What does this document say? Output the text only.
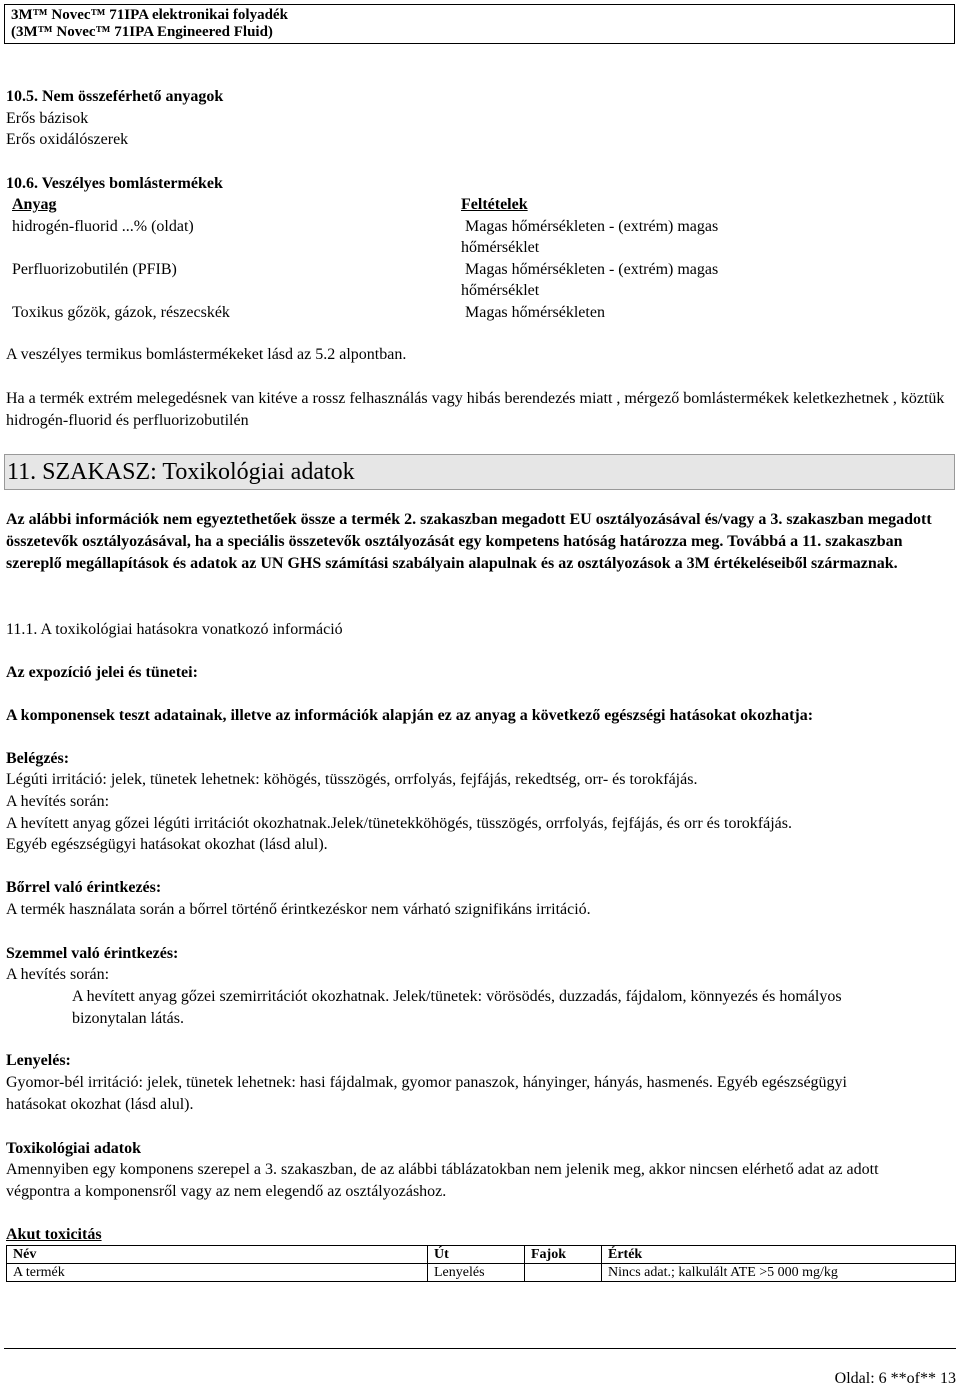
3M™ Novec™ 71IPA elektronikai folyadék
(3M™ Novec™ 71IPA Engineered Fluid)
10.5. Nem összeférhető anyagok
Erős bázisok
Erős oxidálószerek
10.6. Veszélyes bomlástermékek
Anyag	Feltételek
hidrogén-fluorid ...% (oldat)	Magas hőmérsékleten - (extrém) magas
hőmérséklet
Perfluorizobutilén (PFIB)	Magas hőmérsékleten - (extrém) magas
hőmérséklet
Toxikus gőzök, gázok, részecskék	Magas hőmérsékleten
A veszélyes termikus bomlástermékeket lásd az 5.2 alpontban.
Ha a termék extrém melegedésnek van kitéve a rossz felhasználás vagy hibás berendezés miatt , mérgező bomlástermékek keletkezhetnek , köztük hidrogén-fluorid és perfluorizobutilén
11. SZAKASZ: Toxikológiai adatok
Az alábbi információk nem egyeztethetőek össze a termék 2. szakaszban megadott EU osztályozásával és/vagy a 3. szakaszban megadott összetevők osztályozásával, ha a speciális összetevők osztályozását egy kompetens hatóság határozza meg. Továbbá a 11. szakaszban szereplő megállapítások és adatok az UN GHS számítási szabályain alapulnak és az osztályozások a 3M értékeléseiből származnak.
11.1. A toxikológiai hatásokra vonatkozó információ
Az expozíció jelei és tünetei:
A komponensek teszt adatainak, illetve az információk alapján ez az anyag a következő egészségi hatásokat okozhatja:
Belégzés:
Légúti irritáció: jelek, tünetek lehetnek: köhögés, tüsszögés, orrfolyás, fejfájás, rekedtség, orr- és torokfájás.
A hevítés során:
A hevített anyag gőzei légúti irritációt okozhatnak.Jelek/tünetekköhögés, tüsszögés, orrfolyás, fejfájás, és orr és torokfájás.
Egyéb egészségügyi hatásokat okozhat (lásd alul).
Bőrrel való érintkezés:
A termék használata során a bőrrel történő érintkezéskor nem várható szignifikáns irritáció.
Szemmel való érintkezés:
A hevítés során:
A hevített anyag gőzei szemirritációt okozhatnak. Jelek/tünetek: vörösödés, duzzadás, fájdalom, könnyezés és homályos bizonytalan látás.
Lenyelés:
Gyomor-bél irritáció: jelek, tünetek lehetnek: hasi fájdalmak, gyomor panaszok, hányinger, hányás, hasmenés. Egyéb egészségügyi hatásokat okozhat (lásd alul).
Toxikológiai adatok
Amennyiben egy komponens szerepel a 3. szakaszban, de az alábbi táblázatokban nem jelenik meg, akkor nincsen elérhető adat az adott végpontra a komponensről vagy az nem elegendő az osztályozáshoz.
Akut toxicitás
Név	Út	Fajok	Érték
A termék	Lenyelés		Nincs adat.; kalkulált ATE >5 000 mg/kg
Oldal: 6 **of** 13
